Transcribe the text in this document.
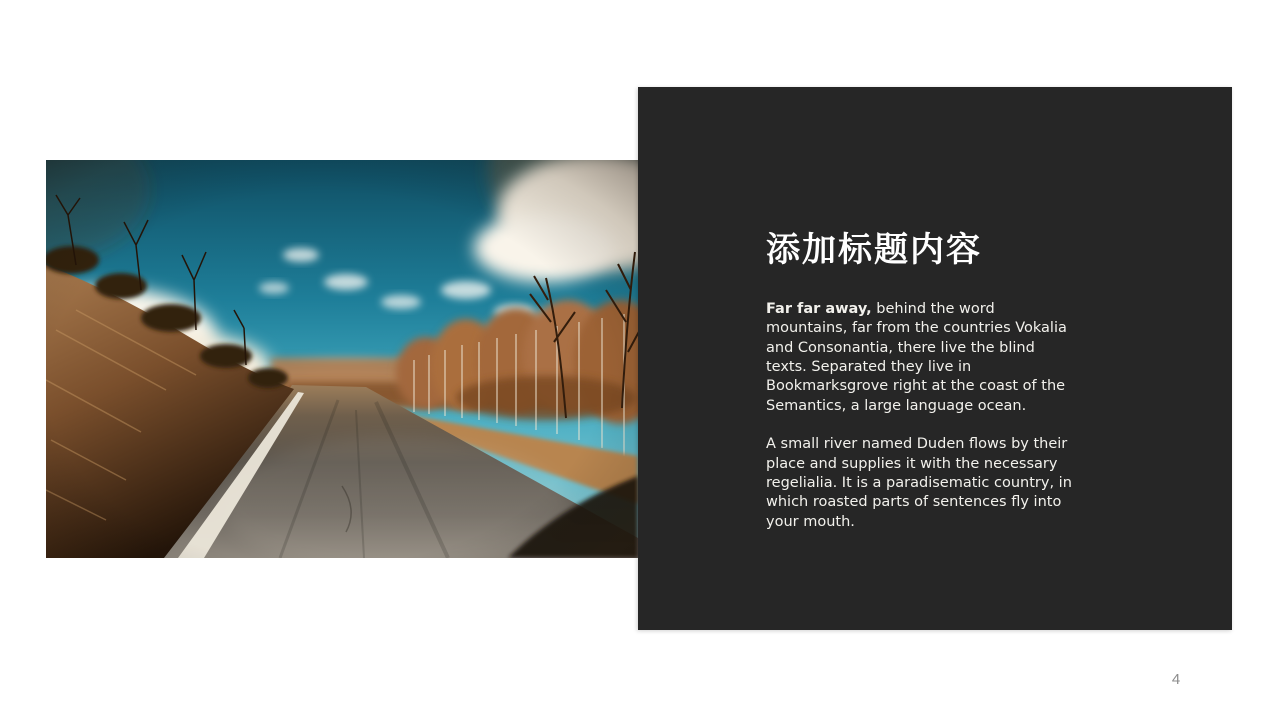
添加标题内容

Far far away, behind the word mountains, far from the countries Vokalia and Consonantia, there live the blind texts. Separated they live in Bookmarksgrove right at the coast of the Semantics, a large language ocean.

A small river named Duden flows by their place and supplies it with the necessary regelialia. It is a paradisematic country, in which roasted parts of sentences fly into your mouth.

4
